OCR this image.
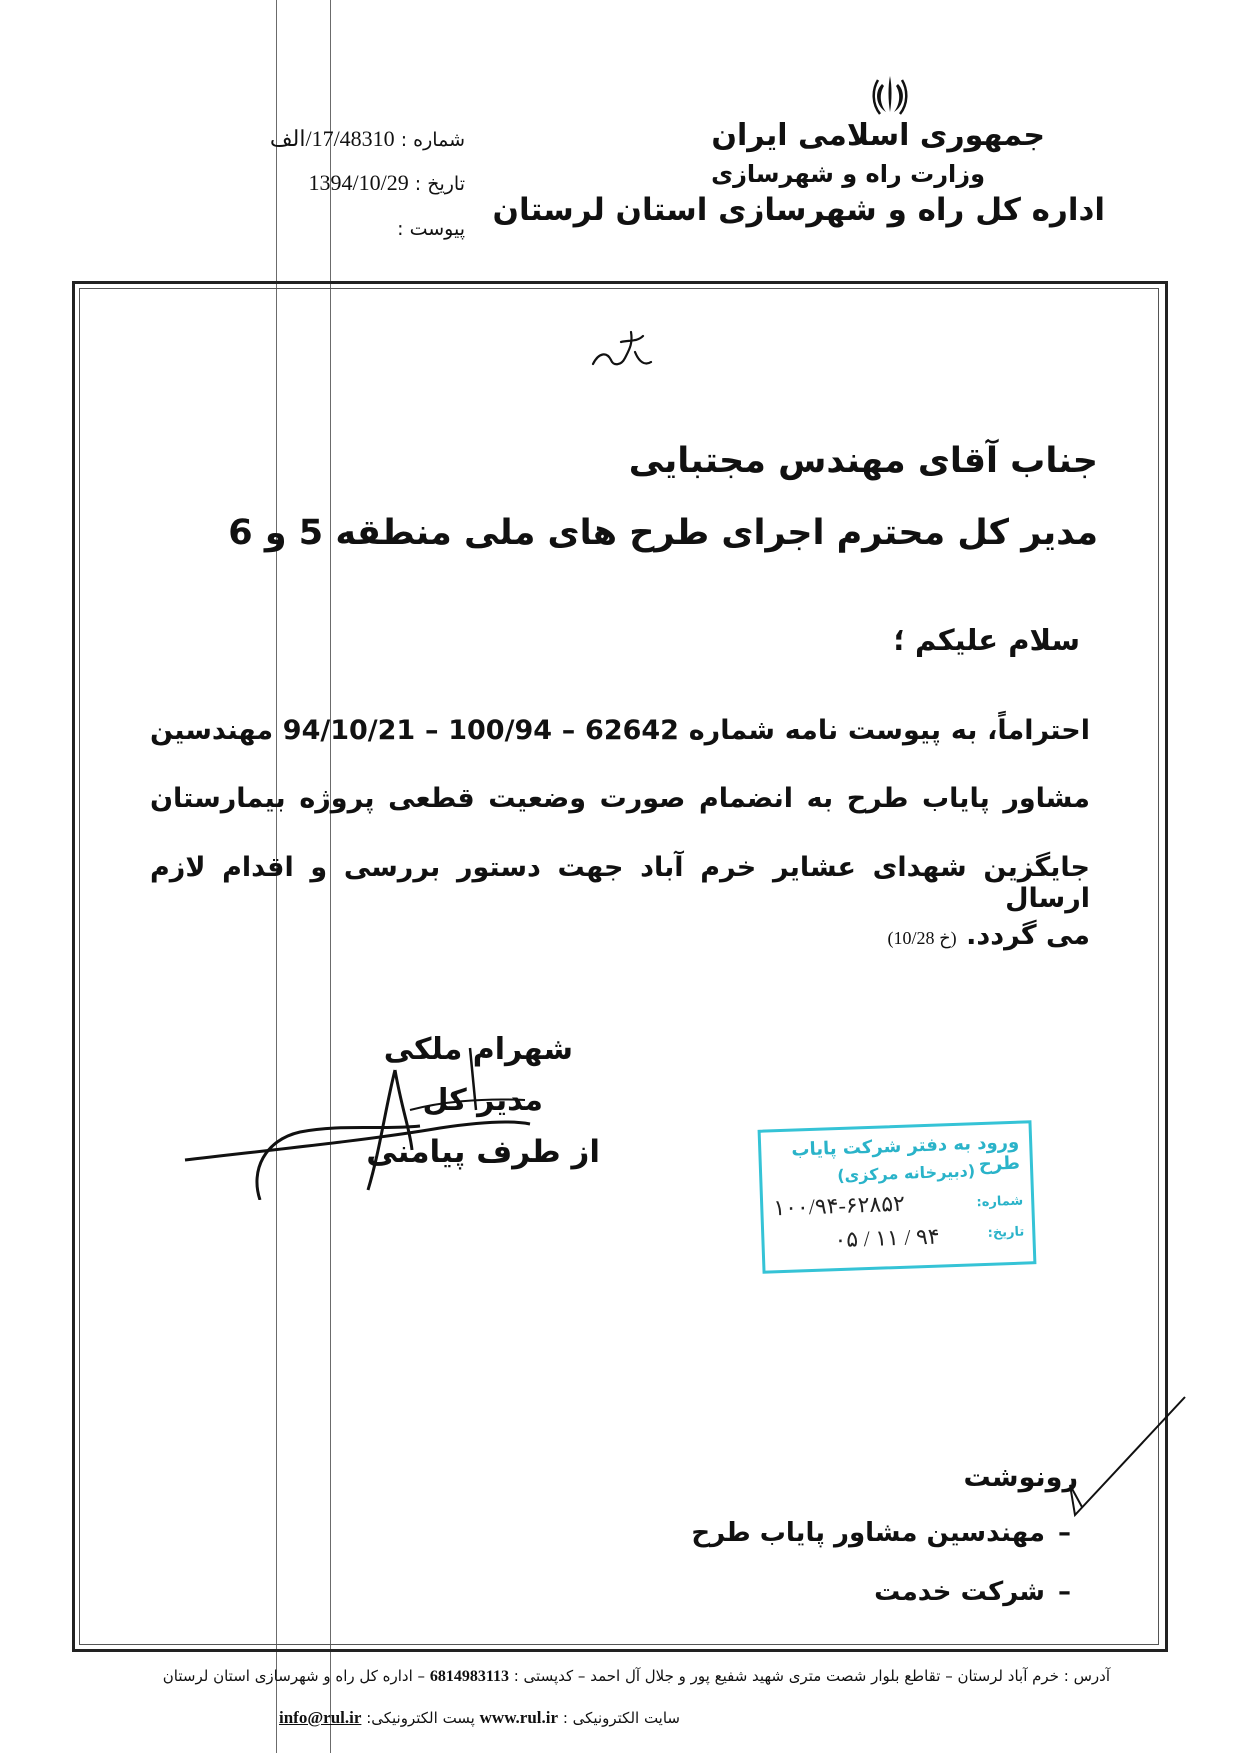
جمهوری اسلامی ایران
وزارت راه و شهرسازی
اداره کل راه و شهرسازی استان لرستان
شماره : 17/48310/الف
تاریخ : 1394/10/29
پیوست :
جناب آقای مهندس مجتبایی
مدیر کل محترم اجرای طرح های ملی منطقه 5 و 6
سلام علیکم ؛
احتراماً، به پیوست نامه شماره 62642 – 100/94 – 94/10/21 مهندسین
مشاور پایاب طرح به انضمام صورت وضعیت قطعی پروژه بیمارستان
جایگزین شهدای عشایر خرم آباد جهت دستور بررسی و اقدام لازم ارسال
می گردد. (خ 10/28)
شهرام ملکی
مدیر کل
از طرف پیامنی	ورود به دفتر شرکت پایاب طرح
(دبیرخانه مرکزی)
شماره:
تاریخ:
۱۰۰/۹۴-۶۲۸۵۲
۹۴ / ۱۱ / ۰۵
رونوشت
مهندسین مشاور پایاب طرح
شرکت خدمت
–
–
آدرس : خرم آباد لرستان – تقاطع بلوار شصت متری شهید شفیع پور و جلال آل احمد – کدپستی : 6814983113 – اداره کل راه و شهرسازی استان لرستان
سایت الکترونیکی : www.rul.ir پست الکترونیکی: info@rul.ir
